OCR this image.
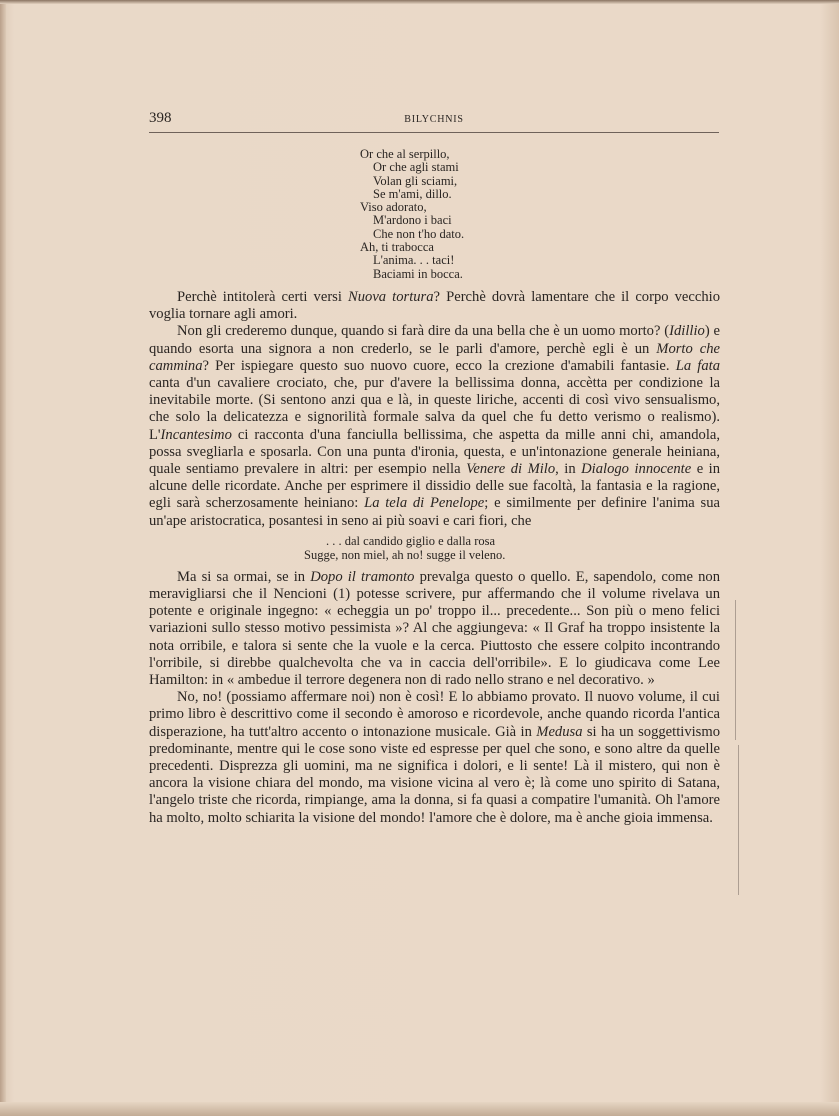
398	BILYCHNIS
Or che al serpillo,
Or che agli stami
Volan gli sciami,
Se m'ami, dillo.
Viso adorato,
M'ardono i baci
Che non t'ho dato.
Ah, ti trabocca
L'anima. . . taci!
Baciami in bocca.

Perchè intitolerà certi versi Nuova tortura? Perchè dovrà lamentare che il corpo vecchio voglia tornare agli amori.

Non gli crederemo dunque, quando si farà dire da una bella che è un uomo morto? (Idillio) e quando esorta una signora a non crederlo, se le parli d'amore, perchè egli è un Morto che cammina? Per ispiegare questo suo nuovo cuore, ecco la crezione d'amabili fantasie. La fata canta d'un cavaliere crociato, che, pur d'avere la bellissima donna, accètta per condizione la inevitabile morte. (Si sentono anzi qua e là, in queste liriche, accenti di così vivo sensualismo, che solo la delicatezza e signorilità formale salva da quel che fu detto verismo o realismo). L'Incantesimo ci racconta d'una fanciulla bellissima, che aspetta da mille anni chi, amandola, possa svegliarla e sposarla. Con una punta d'ironia, questa, e un'intonazione generale heiniana, quale sentiamo prevalere in altri: per esempio nella Venere di Milo, in Dialogo innocente e in alcune delle ricordate. Anche per esprimere il dissidio delle sue facoltà, la fantasia e la ragione, egli sarà scherzosamente heiniano: La tela di Penelope; e similmente per definire l'anima sua un'ape aristocratica, posantesi in seno ai più soavi e cari fiori, che

. . . dal candido giglio e dalla rosa
Sugge, non miel, ah no! sugge il veleno.

Ma si sa ormai, se in Dopo il tramonto prevalga questo o quello. E, sapendolo, come non meravigliarsi che il Nencioni (1) potesse scrivere, pur affermando che il volume rivelava un potente e originale ingegno: « echeggia un po' troppo il... precedente... Son più o meno felici variazioni sullo stesso motivo pessimista »? Al che aggiungeva: « Il Graf ha troppo insistente la nota orribile, e talora si sente che la vuole e la cerca. Piuttosto che essere colpito incontrando l'orribile, si direbbe qualchevolta che va in caccia dell'orribile». E lo giudicava come Lee Hamilton: in « ambedue il terrore degenera non di rado nello strano e nel decorativo. »

No, no! (possiamo affermare noi) non è così! E lo abbiamo provato. Il nuovo volume, il cui primo libro è descrittivo come il secondo è amoroso e ricordevole, anche quando ricorda l'antica disperazione, ha tutt'altro accento o intonazione musicale. Già in Medusa si ha un soggettivismo predominante, mentre qui le cose sono viste ed espresse per quel che sono, e sono altre da quelle precedenti. Disprezza gli uomini, ma ne significa i dolori, e li sente! Là il mistero, qui non è ancora la visione chiara del mondo, ma visione vicina al vero è; là come uno spirito di Satana, l'angelo triste che ricorda, rimpiange, ama la donna, si fa quasi a compatire l'umanità. Oh l'amore ha molto, molto schiarita la visione del mondo! l'amore che è dolore, ma è anche gioia immensa.
